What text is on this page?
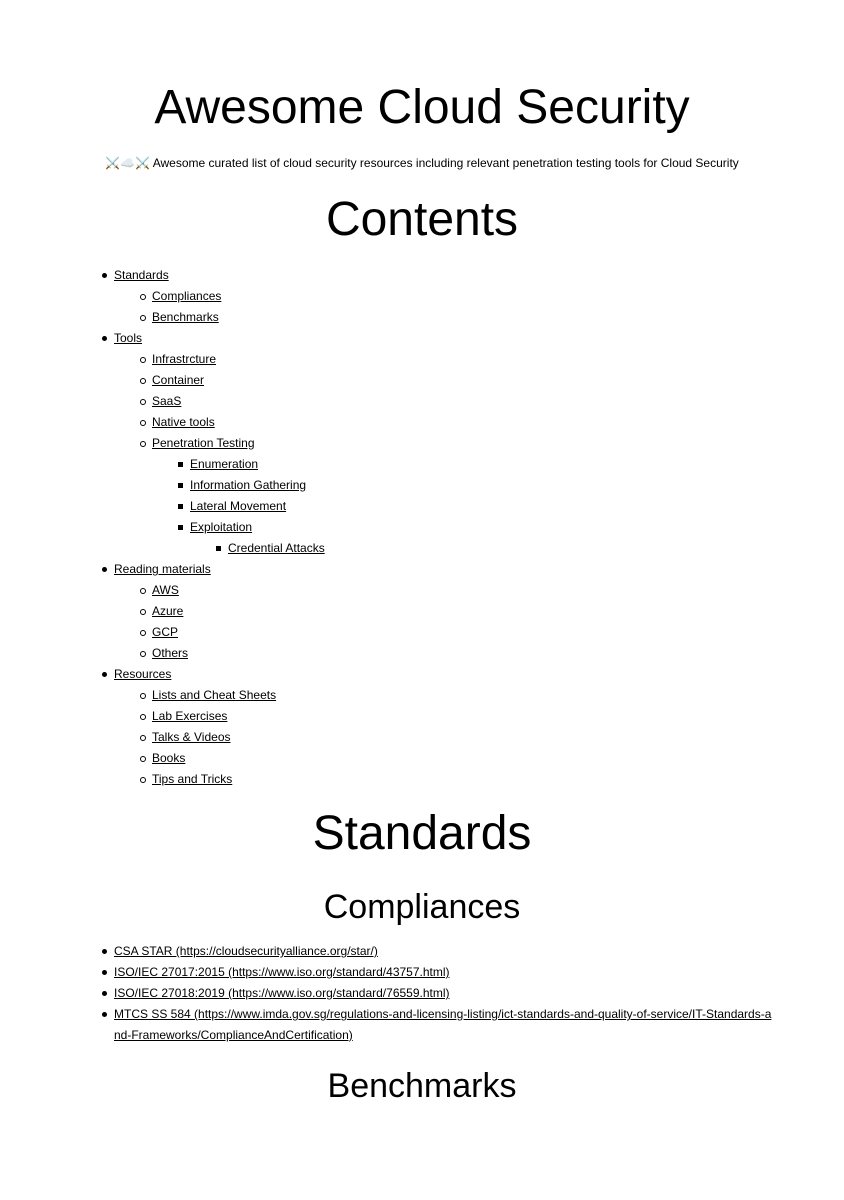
Awesome Cloud Security

⚔️☁️⚔️ Awesome curated list of cloud security resources including relevant penetration testing tools for Cloud Security

Contents
Standards
Compliances
Benchmarks
Tools
Infrastrcture
Container
SaaS
Native tools
Penetration Testing
Enumeration
Information Gathering
Lateral Movement
Exploitation
Credential Attacks
Reading materials
AWS
Azure
GCP
Others
Resources
Lists and Cheat Sheets
Lab Exercises
Talks & Videos
Books
Tips and Tricks
Standards
Compliances
CSA STAR (https://cloudsecurityalliance.org/star/)
ISO/IEC 27017:2015 (https://www.iso.org/standard/43757.html)
ISO/IEC 27018:2019 (https://www.iso.org/standard/76559.html)
MTCS SS 584 (https://www.imda.gov.sg/regulations-and-licensing-listing/ict-standards-and-quality-of-service/IT-Standards-and-Frameworks/ComplianceAndCertification)
Benchmarks
